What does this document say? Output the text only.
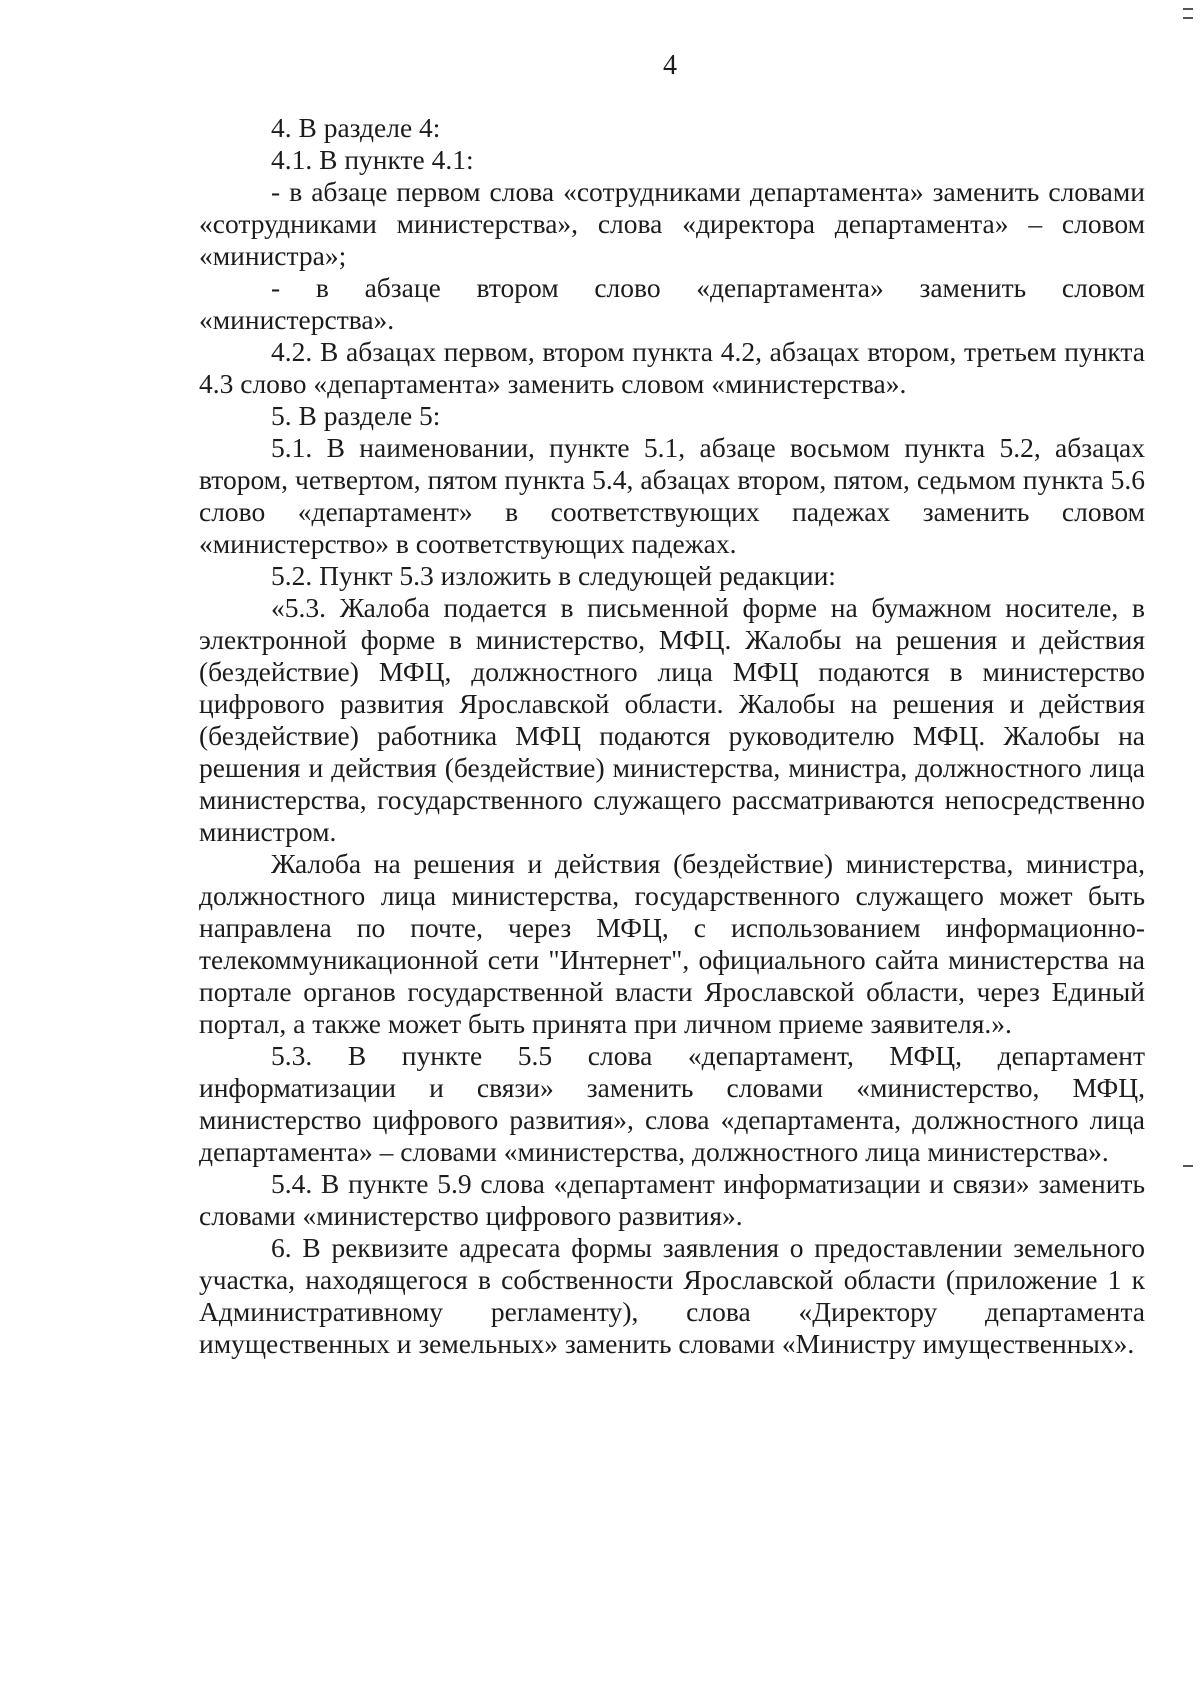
4

4. В разделе 4:

4.1. В пункте 4.1:

- в абзаце первом слова «сотрудниками департамента» заменить словами «сотрудниками министерства», слова «директора департамента» – словом «министра»;

- в абзаце втором слово «департамента» заменить словом «министерства».

4.2. В абзацах первом, втором пункта 4.2, абзацах втором, третьем пункта 4.3 слово «департамента» заменить словом «министерства».

5. В разделе 5:

5.1. В наименовании, пункте 5.1, абзаце восьмом пункта 5.2, абзацах втором, четвертом, пятом пункта 5.4, абзацах втором, пятом, седьмом пункта 5.6 слово «департамент» в соответствующих падежах заменить словом «министерство» в соответствующих падежах.

5.2. Пункт 5.3 изложить в следующей редакции:

«5.3. Жалоба подается в письменной форме на бумажном носителе, в электронной форме в министерство, МФЦ. Жалобы на решения и действия (бездействие) МФЦ, должностного лица МФЦ подаются в министерство цифрового развития Ярославской области. Жалобы на решения и действия (бездействие) работника МФЦ подаются руководителю МФЦ. Жалобы на решения и действия (бездействие) министерства, министра, должностного лица министерства, государственного служащего рассматриваются непосредственно министром.

Жалоба на решения и действия (бездействие) министерства, министра, должностного лица министерства, государственного служащего может быть направлена по почте, через МФЦ, с использованием информационно-телекоммуникационной сети "Интернет", официального сайта министерства на портале органов государственной власти Ярославской области, через Единый портал, а также может быть принята при личном приеме заявителя.».

5.3. В пункте 5.5 слова «департамент, МФЦ, департамент информатизации и связи» заменить словами «министерство, МФЦ, министерство цифрового развития», слова «департамента, должностного лица департамента» – словами «министерства, должностного лица министерства».

5.4. В пункте 5.9 слова «департамент информатизации и связи» заменить словами «министерство цифрового развития».

6. В реквизите адресата формы заявления о предоставлении земельного участка, находящегося в собственности Ярославской области (приложение 1 к Административному регламенту), слова «Директору департамента имущественных и земельных» заменить словами «Министру имущественных».
